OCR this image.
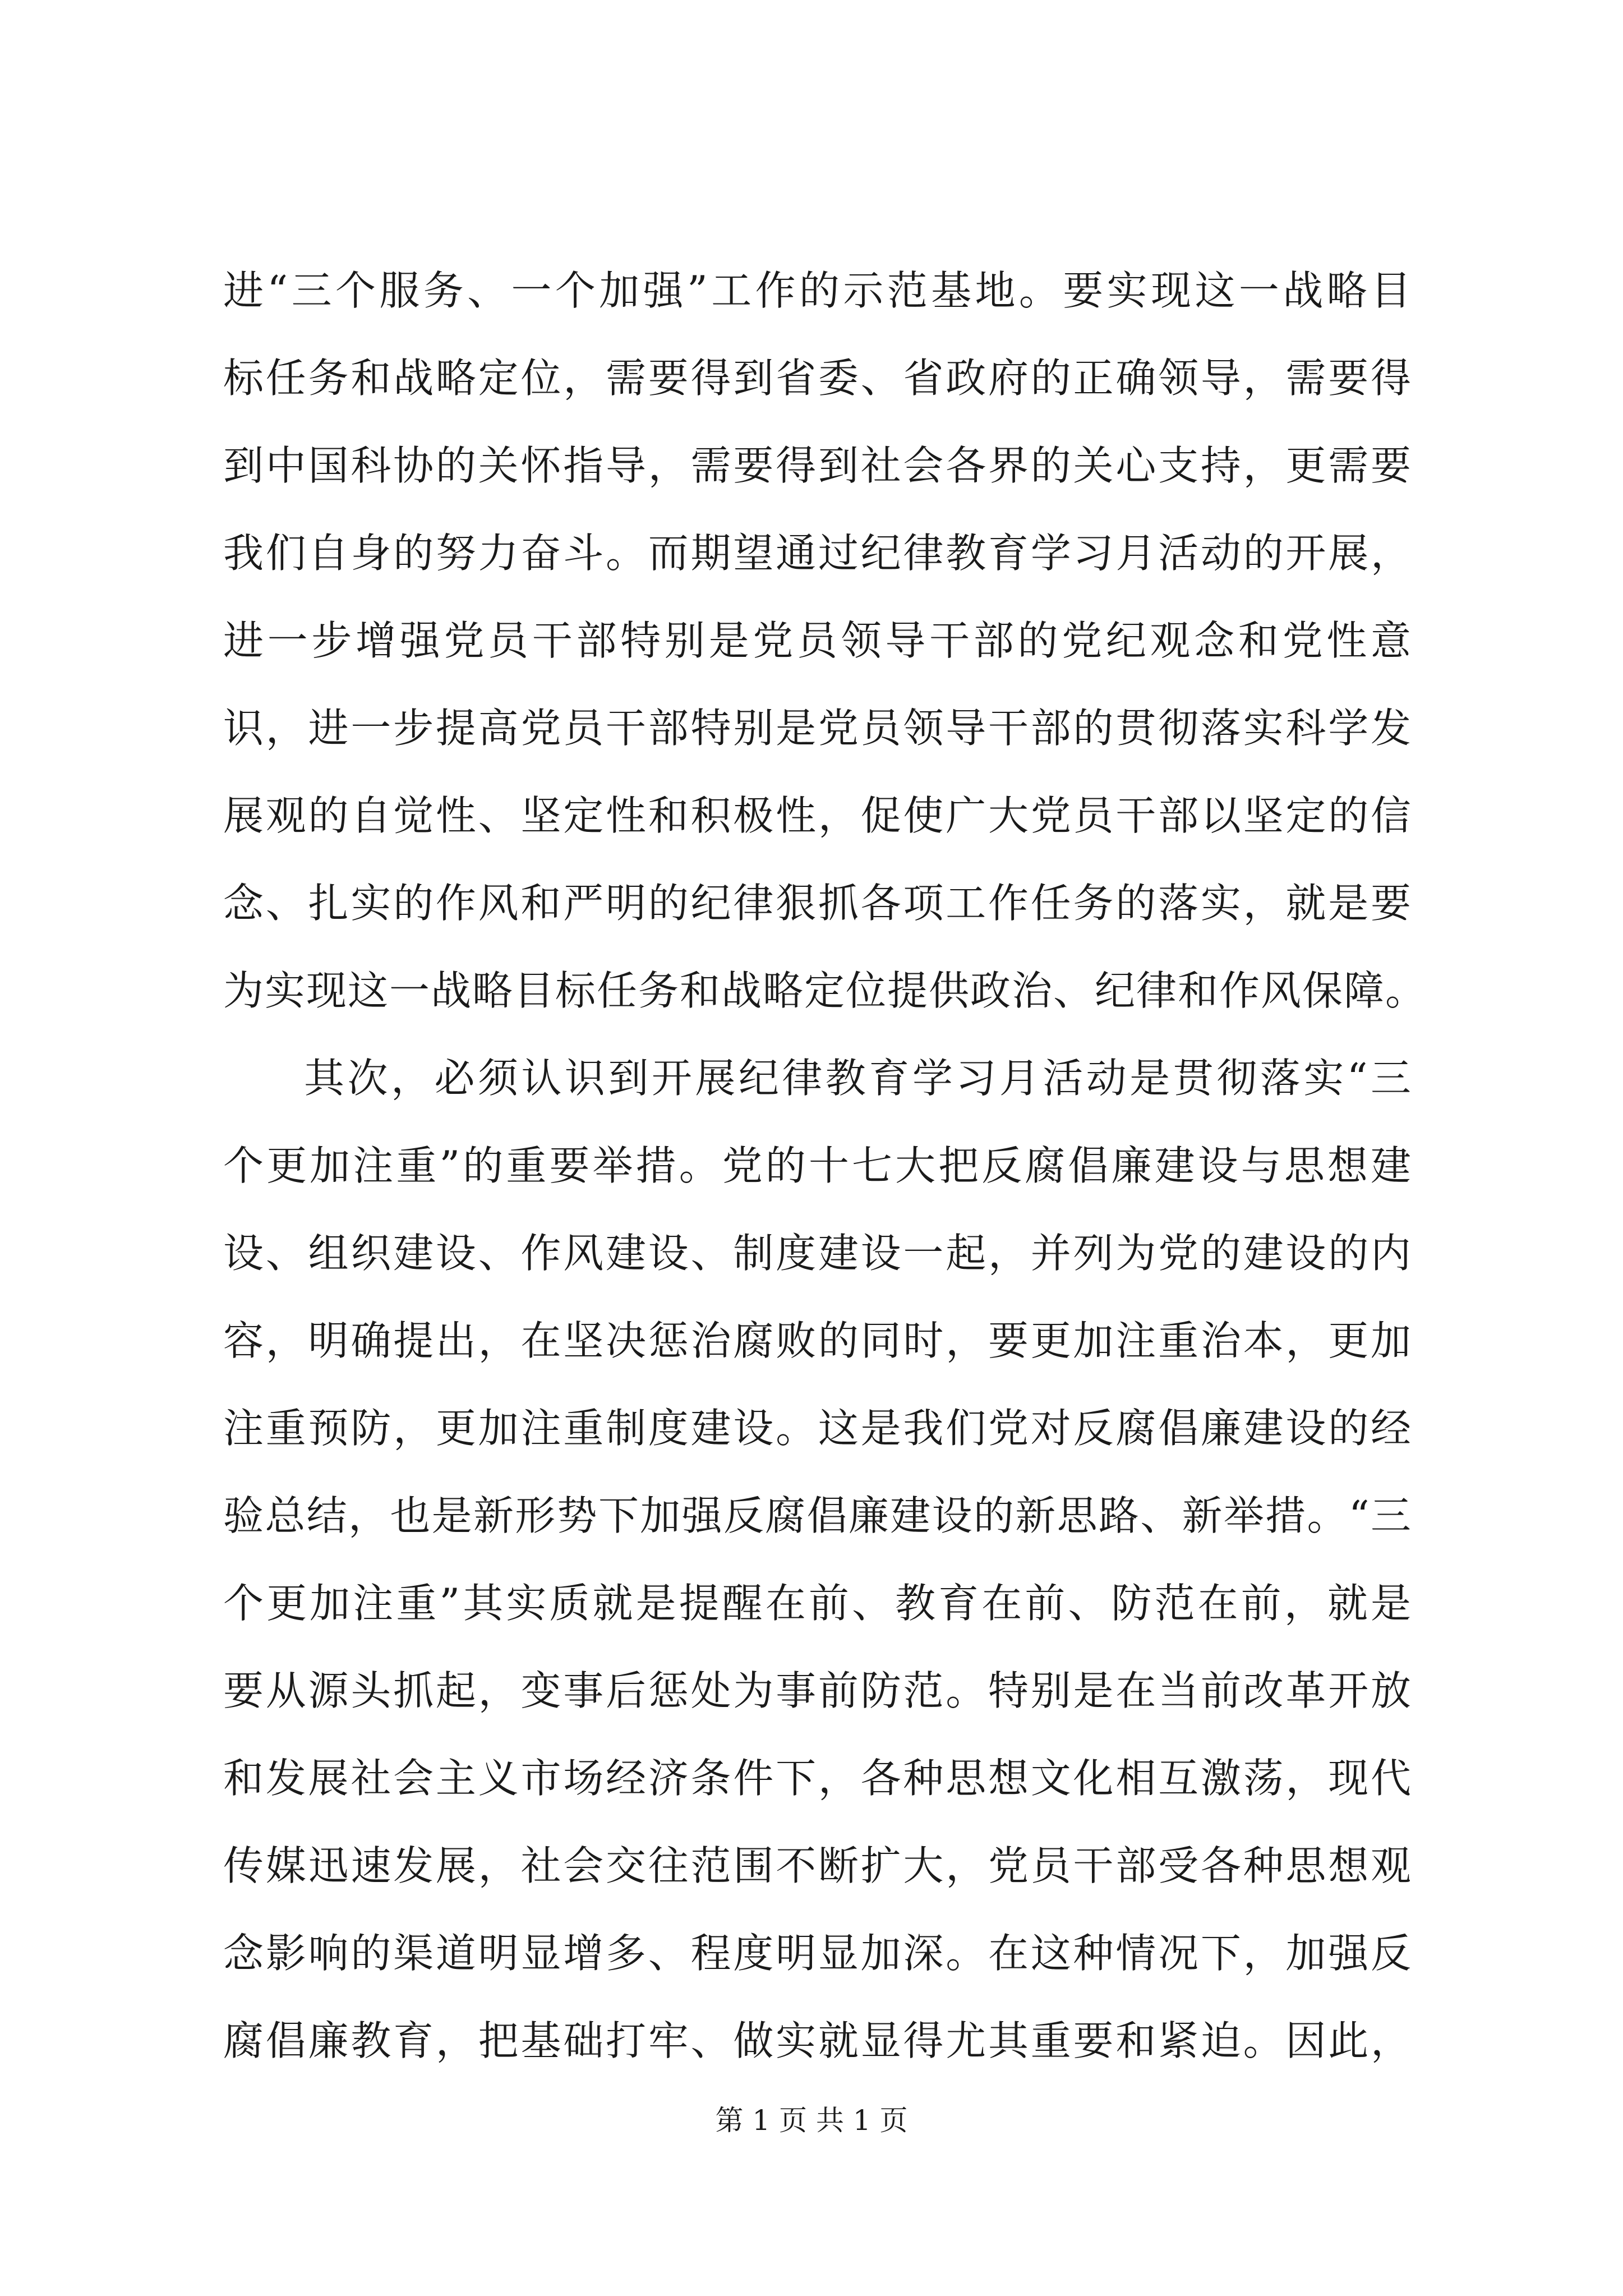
进“三个服务、一个加强”工作的示范基地。要实现这一战略目
标任务和战略定位，需要得到省委、省政府的正确领导，需要得
到中国科协的关怀指导，需要得到社会各界的关心支持，更需要
我们自身的努力奋斗。而期望通过纪律教育学习月活动的开展，
进一步增强党员干部特别是党员领导干部的党纪观念和党性意
识，进一步提高党员干部特别是党员领导干部的贯彻落实科学发
展观的自觉性、坚定性和积极性，促使广大党员干部以坚定的信
念、扎实的作风和严明的纪律狠抓各项工作任务的落实，就是要
为实现这一战略目标任务和战略定位提供政治、纪律和作风保障。
其次，必须认识到开展纪律教育学习月活动是贯彻落实“三
个更加注重”的重要举措。党的十七大把反腐倡廉建设与思想建
设、组织建设、作风建设、制度建设一起，并列为党的建设的内
容，明确提出，在坚决惩治腐败的同时，要更加注重治本，更加
注重预防，更加注重制度建设。这是我们党对反腐倡廉建设的经
验总结，也是新形势下加强反腐倡廉建设的新思路、新举措。“三
个更加注重”其实质就是提醒在前、教育在前、防范在前，就是
要从源头抓起，变事后惩处为事前防范。特别是在当前改革开放
和发展社会主义市场经济条件下，各种思想文化相互激荡，现代
传媒迅速发展，社会交往范围不断扩大，党员干部受各种思想观
念影响的渠道明显增多、程度明显加深。在这种情况下，加强反
腐倡廉教育，把基础打牢、做实就显得尤其重要和紧迫。因此，
第 1 页 共 1 页
